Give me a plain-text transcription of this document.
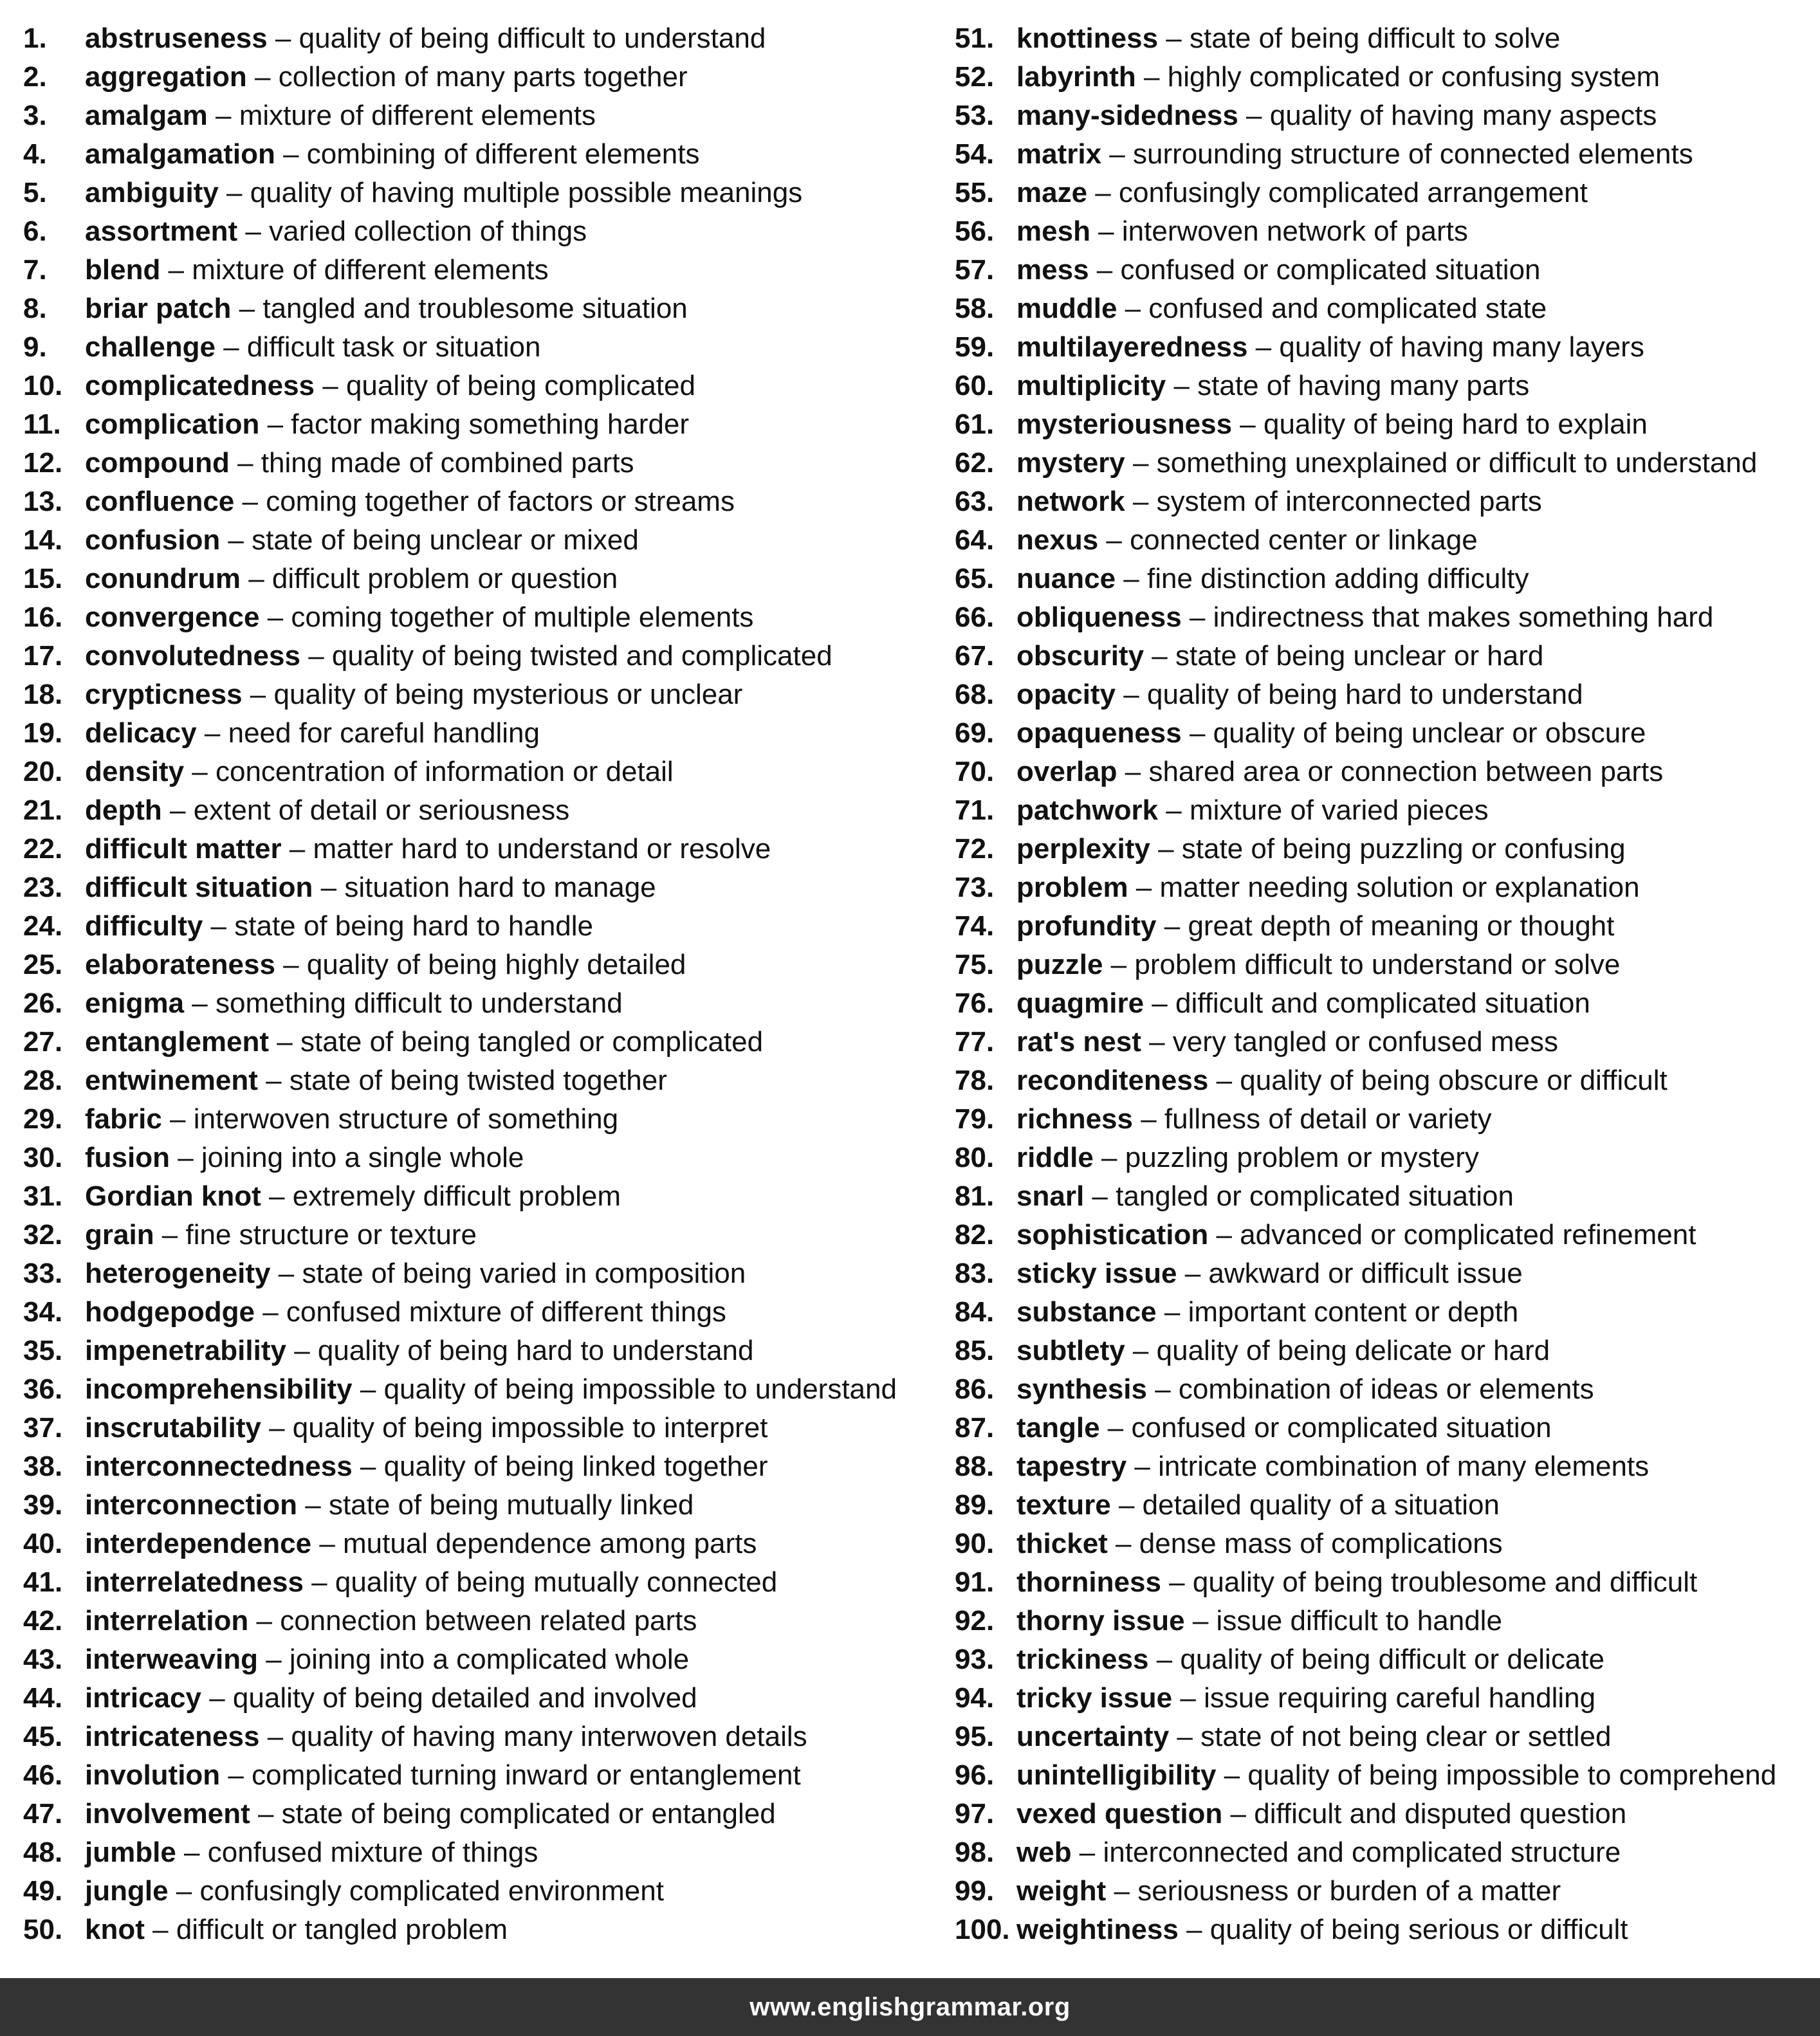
1.	abstruseness – quality of being difficult to understand
2.	aggregation – collection of many parts together
3.	amalgam – mixture of different elements
4.	amalgamation – combining of different elements
5.	ambiguity – quality of having multiple possible meanings
6.	assortment – varied collection of things
7.	blend – mixture of different elements
8.	briar patch – tangled and troublesome situation
9.	challenge – difficult task or situation
10. complicatedness – quality of being complicated
11. complication – factor making something harder
12. compound – thing made of combined parts
13. confluence – coming together of factors or streams
14. confusion – state of being unclear or mixed
15. conundrum – difficult problem or question
16. convergence – coming together of multiple elements
17. convolutedness – quality of being twisted and complicated
18. crypticness – quality of being mysterious or unclear
19. delicacy – need for careful handling
20. density – concentration of information or detail
21. depth – extent of detail or seriousness
22. difficult matter – matter hard to understand or resolve
23. difficult situation – situation hard to manage
24. difficulty – state of being hard to handle
25. elaborateness – quality of being highly detailed
26. enigma – something difficult to understand
27. entanglement – state of being tangled or complicated
28. entwinement – state of being twisted together
29. fabric – interwoven structure of something
30. fusion – joining into a single whole
31. Gordian knot – extremely difficult problem
32. grain – fine structure or texture
33. heterogeneity – state of being varied in composition
34. hodgepodge – confused mixture of different things
35. impenetrability – quality of being hard to understand
36. incomprehensibility – quality of being impossible to understand
37. inscrutability – quality of being impossible to interpret
38. interconnectedness – quality of being linked together
39. interconnection – state of being mutually linked
40. interdependence – mutual dependence among parts
41. interrelatedness – quality of being mutually connected
42. interrelation – connection between related parts
43. interweaving – joining into a complicated whole
44. intricacy – quality of being detailed and involved
45. intricateness – quality of having many interwoven details
46. involution – complicated turning inward or entanglement
47. involvement – state of being complicated or entangled
48. jumble – confused mixture of things
49. jungle – confusingly complicated environment
50. knot – difficult or tangled problem
51. knottiness – state of being difficult to solve
52. labyrinth – highly complicated or confusing system
53. many-sidedness – quality of having many aspects
54. matrix – surrounding structure of connected elements
55. maze – confusingly complicated arrangement
56. mesh – interwoven network of parts
57. mess – confused or complicated situation
58. muddle – confused and complicated state
59. multilayeredness – quality of having many layers
60. multiplicity – state of having many parts
61. mysteriousness – quality of being hard to explain
62. mystery – something unexplained or difficult to understand
63. network – system of interconnected parts
64. nexus – connected center or linkage
65. nuance – fine distinction adding difficulty
66. obliqueness – indirectness that makes something hard
67. obscurity – state of being unclear or hard
68. opacity – quality of being hard to understand
69. opaqueness – quality of being unclear or obscure
70. overlap – shared area or connection between parts
71. patchwork – mixture of varied pieces
72. perplexity – state of being puzzling or confusing
73. problem – matter needing solution or explanation
74. profundity – great depth of meaning or thought
75. puzzle – problem difficult to understand or solve
76. quagmire – difficult and complicated situation
77. rat's nest – very tangled or confused mess
78. reconditeness – quality of being obscure or difficult
79. richness – fullness of detail or variety
80. riddle – puzzling problem or mystery
81. snarl – tangled or complicated situation
82. sophistication – advanced or complicated refinement
83. sticky issue – awkward or difficult issue
84. substance – important content or depth
85. subtlety – quality of being delicate or hard
86. synthesis – combination of ideas or elements
87. tangle – confused or complicated situation
88. tapestry – intricate combination of many elements
89. texture – detailed quality of a situation
90. thicket – dense mass of complications
91. thorniness – quality of being troublesome and difficult
92. thorny issue – issue difficult to handle
93. trickiness – quality of being difficult or delicate
94. tricky issue – issue requiring careful handling
95. uncertainty – state of not being clear or settled
96. unintelligibility – quality of being impossible to comprehend
97. vexed question – difficult and disputed question
98. web – interconnected and complicated structure
99. weight – seriousness or burden of a matter
100. weightiness – quality of being serious or difficult
www.englishgrammar.org
